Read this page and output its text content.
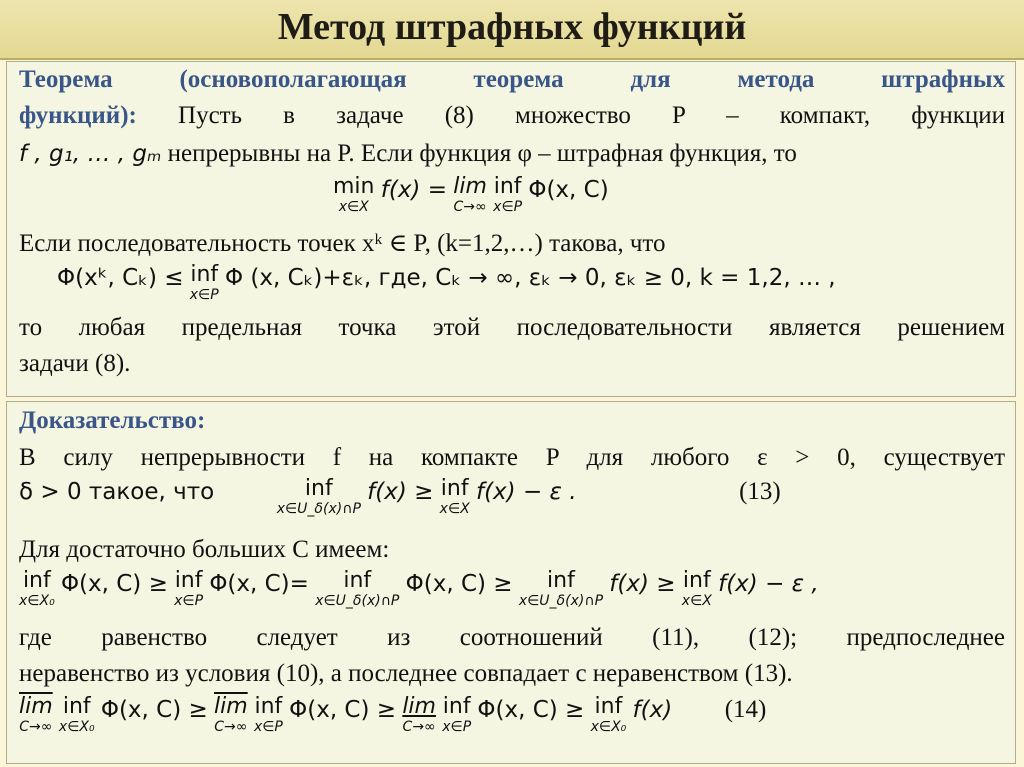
Метод штрафных функций
Теорема (основополагающая теорема для метода штрафных
функций): Пусть в задаче (8) множество P – компакт, функции
f , g₁, … , gₘ непрерывны на P. Если функция φ – штрафная функция, то
min
x∈X
f(x) = lim
C→∞

inf
x∈P
Φ(x, C)
Если последовательность точек xᵏ ∈ P, (k=1,2,…) такова, что
Φ(xᵏ, Cₖ) ≤ inf
x∈P
Φ (x, Cₖ)+εₖ, где, Cₖ → ∞, εₖ → 0, εₖ ≥ 0, k = 1,2, … ,
то любая предельная точка этой последовательности является решением
задачи (8).
Доказательство:
В силу непрерывности f на компакте P для любого ε > 0, существует
δ > 0 такое, что	inf
x∈U_δ(x)∩P
f(x) ≥ inf
x∈X
f(x) − ε .	(13)
Для достаточно больших C имеем:
inf
x∈X₀
Φ(x, C) ≥ inf
x∈P
Φ(x, C)=	inf
x∈U_δ(x)∩P
Φ(x, C) ≥	inf
x∈U_δ(x)∩P
f(x) ≥ inf
x∈X
f(x) − ε ,
где равенство следует из соотношений (11), (12); предпоследнее
неравенство из условия (10), а последнее совпадает с неравенством (13).
$\overline{lim}$
C→∞

inf
x∈X₀
Φ(x, $C) \ge \overline{lim}$
C→∞

inf
x∈P
Φ(x, C) ≥ lim
C→∞

inf
x∈P
Φ(x, C) ≥ inf
x∈X₀
f(x) (14)
